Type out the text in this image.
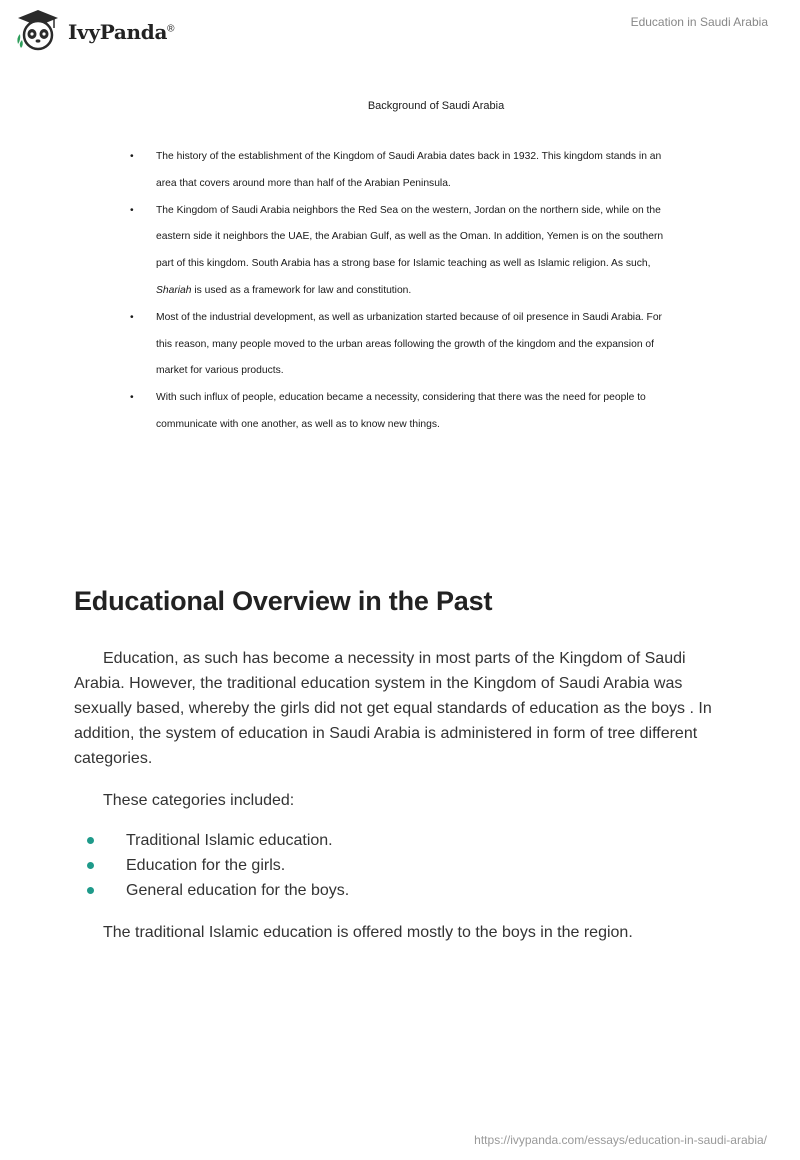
IvyPanda®	Education in Saudi Arabia

Background of Saudi Arabia

• The history of the establishment of the Kingdom of Saudi Arabia dates back in 1932. This kingdom stands in an
area that covers around more than half of the Arabian Peninsula.
• The Kingdom of Saudi Arabia neighbors the Red Sea on the western, Jordan on the northern side, while on the
eastern side it neighbors the UAE, the Arabian Gulf, as well as the Oman. In addition, Yemen is on the southern
part of this kingdom. South Arabia has a strong base for Islamic teaching as well as Islamic religion. As such,
Shariah is used as a framework for law and constitution.
• Most of the industrial development, as well as urbanization started because of oil presence in Saudi Arabia. For
this reason, many people moved to the urban areas following the growth of the kingdom and the expansion of
market for various products.
• With such influx of people, education became a necessity, considering that there was the need for people to
communicate with one another, as well as to know new things.
Educational Overview in the Past
Education, as such has become a necessity in most parts of the Kingdom of Saudi Arabia. However, the traditional education system in the Kingdom of Saudi Arabia was sexually based, whereby the girls did not get equal standards of education as the boys . In addition, the system of education in Saudi Arabia is administered in form of tree different categories.
These categories included:
Traditional Islamic education.
Education for the girls.
General education for the boys.
The traditional Islamic education is offered mostly to the boys in the region.
https://ivypanda.com/essays/education-in-saudi-arabia/
